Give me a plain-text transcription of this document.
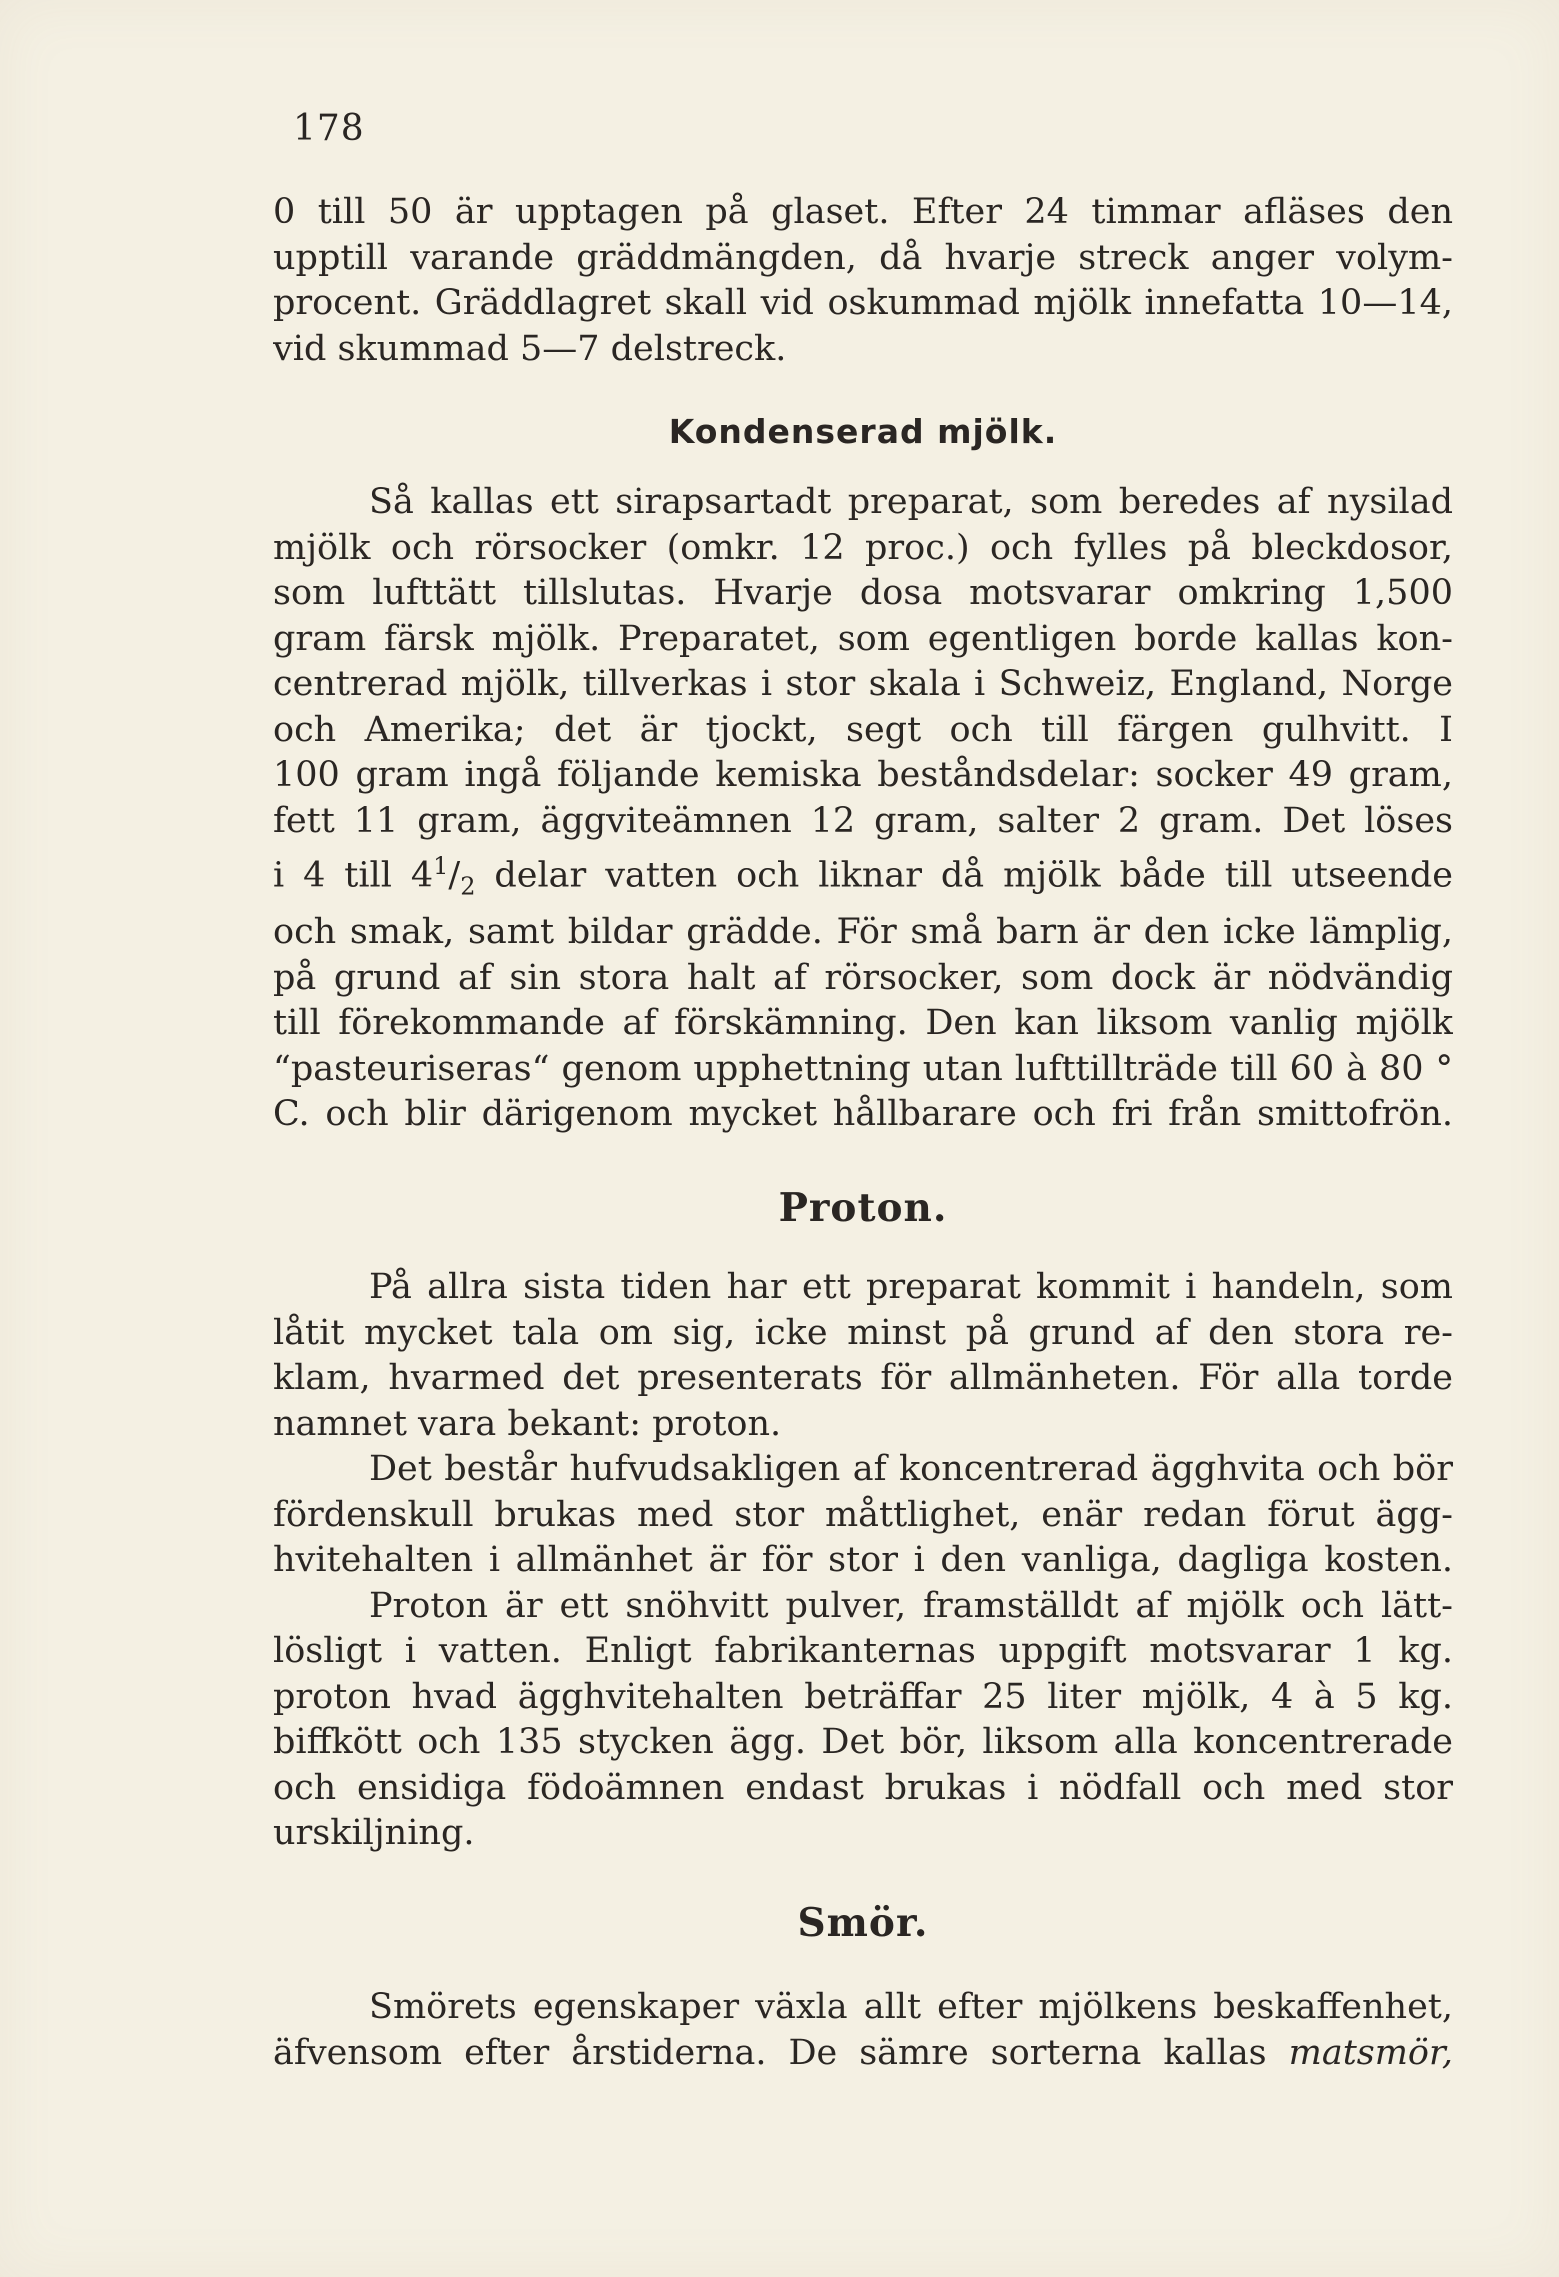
178
0 till 50 är upptagen på glaset. Efter 24 timmar afläses den
upptill varande gräddmängden, då hvarje streck anger volym-
procent. Gräddlagret skall vid oskummad mjölk innefatta 10—14,
vid skummad 5—7 delstreck.
Kondenserad mjölk.
Så kallas ett sirapsartadt preparat, som beredes af nysilad
mjölk och rörsocker (omkr. 12 proc.) och fylles på bleckdosor,
som lufttätt tillslutas. Hvarje dosa motsvarar omkring 1,500
gram färsk mjölk. Preparatet, som egentligen borde kallas kon-
centrerad mjölk, tillverkas i stor skala i Schweiz, England, Norge
och Amerika; det är tjockt, segt och till färgen gulhvitt. I
100 gram ingå följande kemiska beståndsdelar: socker 49 gram,
fett 11 gram, äggviteämnen 12 gram, salter 2 gram. Det löses
i 4 till $4^1/_2$ delar vatten och liknar då mjölk både till utseende
och smak, samt bildar grädde. För små barn är den icke lämplig,
på grund af sin stora halt af rörsocker, som dock är nödvändig
till förekommande af förskämning. Den kan liksom vanlig mjölk
“pasteuriseras“ genom upphettning utan lufttillträde till 60 à 80 °
C. och blir därigenom mycket hållbarare och fri från smittofrön.
Proton.
På allra sista tiden har ett preparat kommit i handeln, som
låtit mycket tala om sig, icke minst på grund af den stora re-
klam, hvarmed det presenterats för allmänheten. För alla torde
namnet vara bekant: proton.
Det består hufvudsakligen af koncentrerad ägghvita och bör
fördenskull brukas med stor måttlighet, enär redan förut ägg-
hvitehalten i allmänhet är för stor i den vanliga, dagliga kosten.
Proton är ett snöhvitt pulver, framställdt af mjölk och lätt-
lösligt i vatten. Enligt fabrikanternas uppgift motsvarar 1 kg.
proton hvad ägghvitehalten beträffar 25 liter mjölk, 4 à 5 kg.
biffkött och 135 stycken ägg. Det bör, liksom alla koncentrerade
och ensidiga födoämnen endast brukas i nödfall och med stor
urskiljning.
Smör.
Smörets egenskaper växla allt efter mjölkens beskaffenhet,
äfvensom efter årstiderna. De sämre sorterna kallas matsmör,
